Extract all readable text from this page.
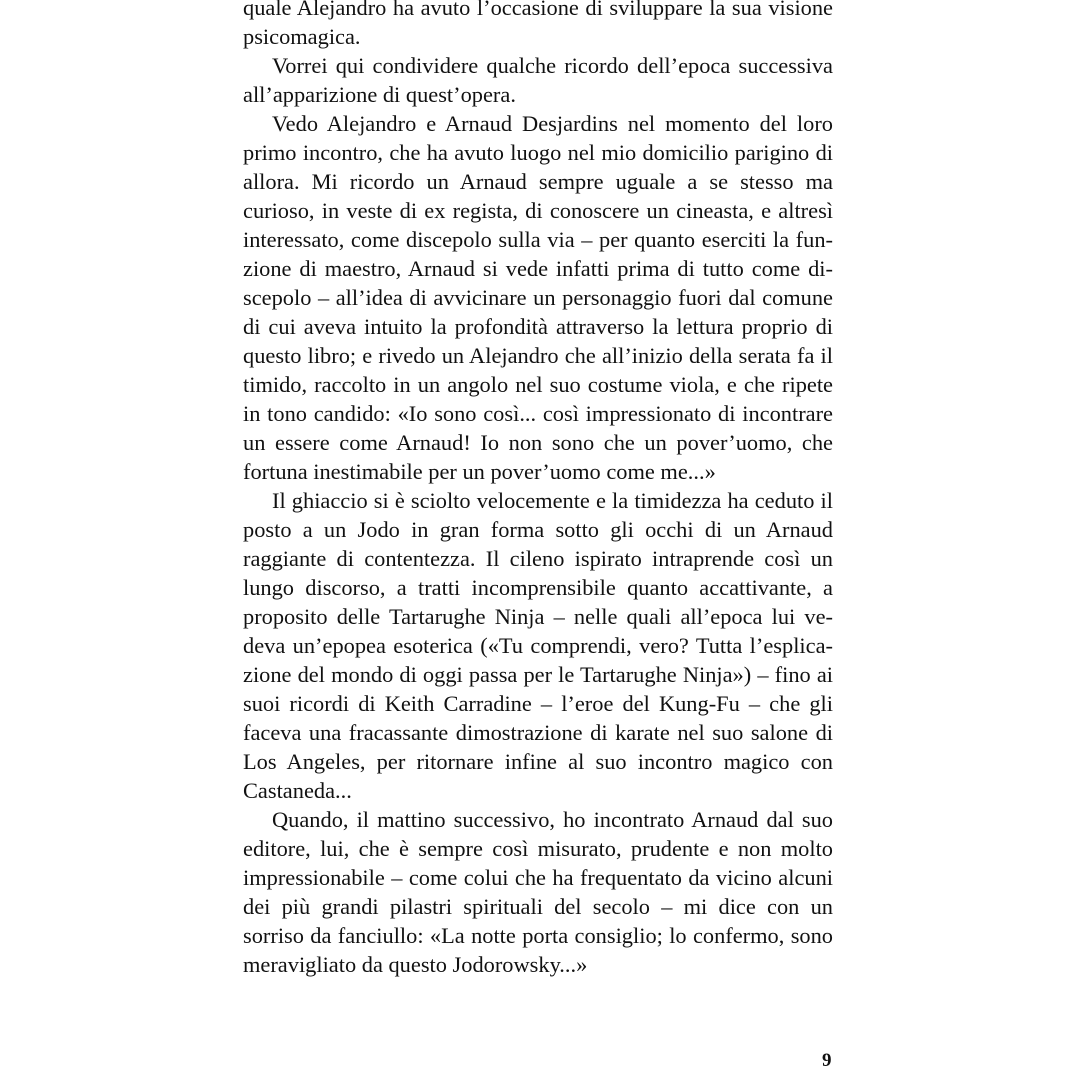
quale Alejandro ha avuto l’occasione di sviluppare la sua visione psicomagica.

Vorrei qui condividere qualche ricordo dell’epoca successiva all’apparizione di quest’opera.

Vedo Alejandro e Arnaud Desjardins nel momento del loro primo incontro, che ha avuto luogo nel mio domicilio parigino di allora. Mi ricordo un Arnaud sempre uguale a se stesso ma curioso, in veste di ex regista, di conoscere un cineasta, e altresì interessato, come discepolo sulla via – per quanto eserciti la funzione di maestro, Arnaud si vede infatti prima di tutto come discepolo – all’idea di avvicinare un personaggio fuori dal comune di cui aveva intuito la profondità attraverso la lettura proprio di questo libro; e rivedo un Alejandro che all’inizio della serata fa il timido, raccolto in un angolo nel suo costume viola, e che ripete in tono candido: «Io sono così... così impressionato di incontrare un essere come Arnaud! Io non sono che un pover’uomo, che fortuna inestimabile per un pover’uomo come me...»

Il ghiaccio si è sciolto velocemente e la timidezza ha ceduto il posto a un Jodo in gran forma sotto gli occhi di un Arnaud raggiante di contentezza. Il cileno ispirato intraprende così un lungo discorso, a tratti incomprensibile quanto accattivante, a proposito delle Tartarughe Ninja – nelle quali all’epoca lui vedeva un’epopea esoterica («Tu comprendi, vero? Tutta l’esplicazione del mondo di oggi passa per le Tartarughe Ninja») – fino ai suoi ricordi di Keith Carradine – l’eroe del Kung-Fu – che gli faceva una fracassante dimostrazione di karate nel suo salone di Los Angeles, per ritornare infine al suo incontro magico con Castaneda...

Quando, il mattino successivo, ho incontrato Arnaud dal suo editore, lui, che è sempre così misurato, prudente e non molto impressionabile – come colui che ha frequentato da vicino alcuni dei più grandi pilastri spirituali del secolo – mi dice con un sorriso da fanciullo: «La notte porta consiglio; lo confermo, sono meravigliato da questo Jodorowsky...»

9
